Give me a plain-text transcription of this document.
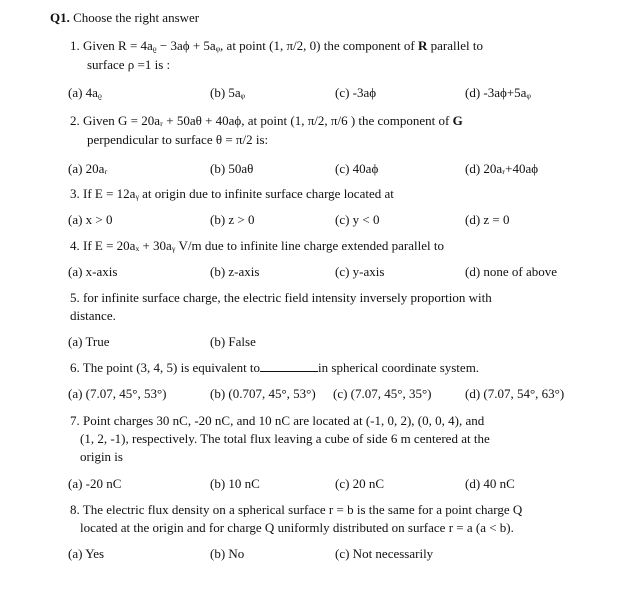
Q1. Choose the right answer
1. Given R = 4aᵨ − 3aϕ + 5aᵩ, at point (1, π/2, 0) the component of R parallel to
surface ρ =1 is :
(a) 4aᵨ	(b) 5aᵩ	(c) -3aϕ	(d) -3aϕ+5aᵩ
2. Given G = 20aᵣ + 50aθ + 40aϕ, at point (1, π/2, π/6 ) the component of G
perpendicular to surface θ = π/2 is:
(a) 20aᵣ	(b) 50aθ	(c) 40aϕ	(d) 20aᵣ+40aϕ
3. If E = 12aᵧ at origin due to infinite surface charge located at
(a) x > 0	(b) z > 0	(c) y < 0	(d) z = 0
4. If E = 20aₓ + 30aᵧ V/m due to infinite line charge extended parallel to
(a) x-axis	(b) z-axis	(c) y-axis	(d) none of above
5. for infinite surface charge, the electric field intensity inversely proportion with
distance.
(a) True	(b) False
6. The point (3, 4, 5) is equivalent to	in spherical coordinate system.
(a) (7.07, 45°, 53°)	(b) (0.707, 45°, 53°) (c) (7.07, 45°, 35°)	(d) (7.07, 54°, 63°)
7. Point charges 30 nC, -20 nC, and 10 nC are located at (-1, 0, 2), (0, 0, 4), and
(1, 2, -1), respectively. The total flux leaving a cube of side 6 m centered at the
origin is
(a) -20 nC	(b) 10 nC	(c) 20 nC	(d) 40 nC
8. The electric flux density on a spherical surface r = b is the same for a point charge Q
located at the origin and for charge Q uniformly distributed on surface r = a (a < b).
(a) Yes	(b) No	(c) Not necessarily
